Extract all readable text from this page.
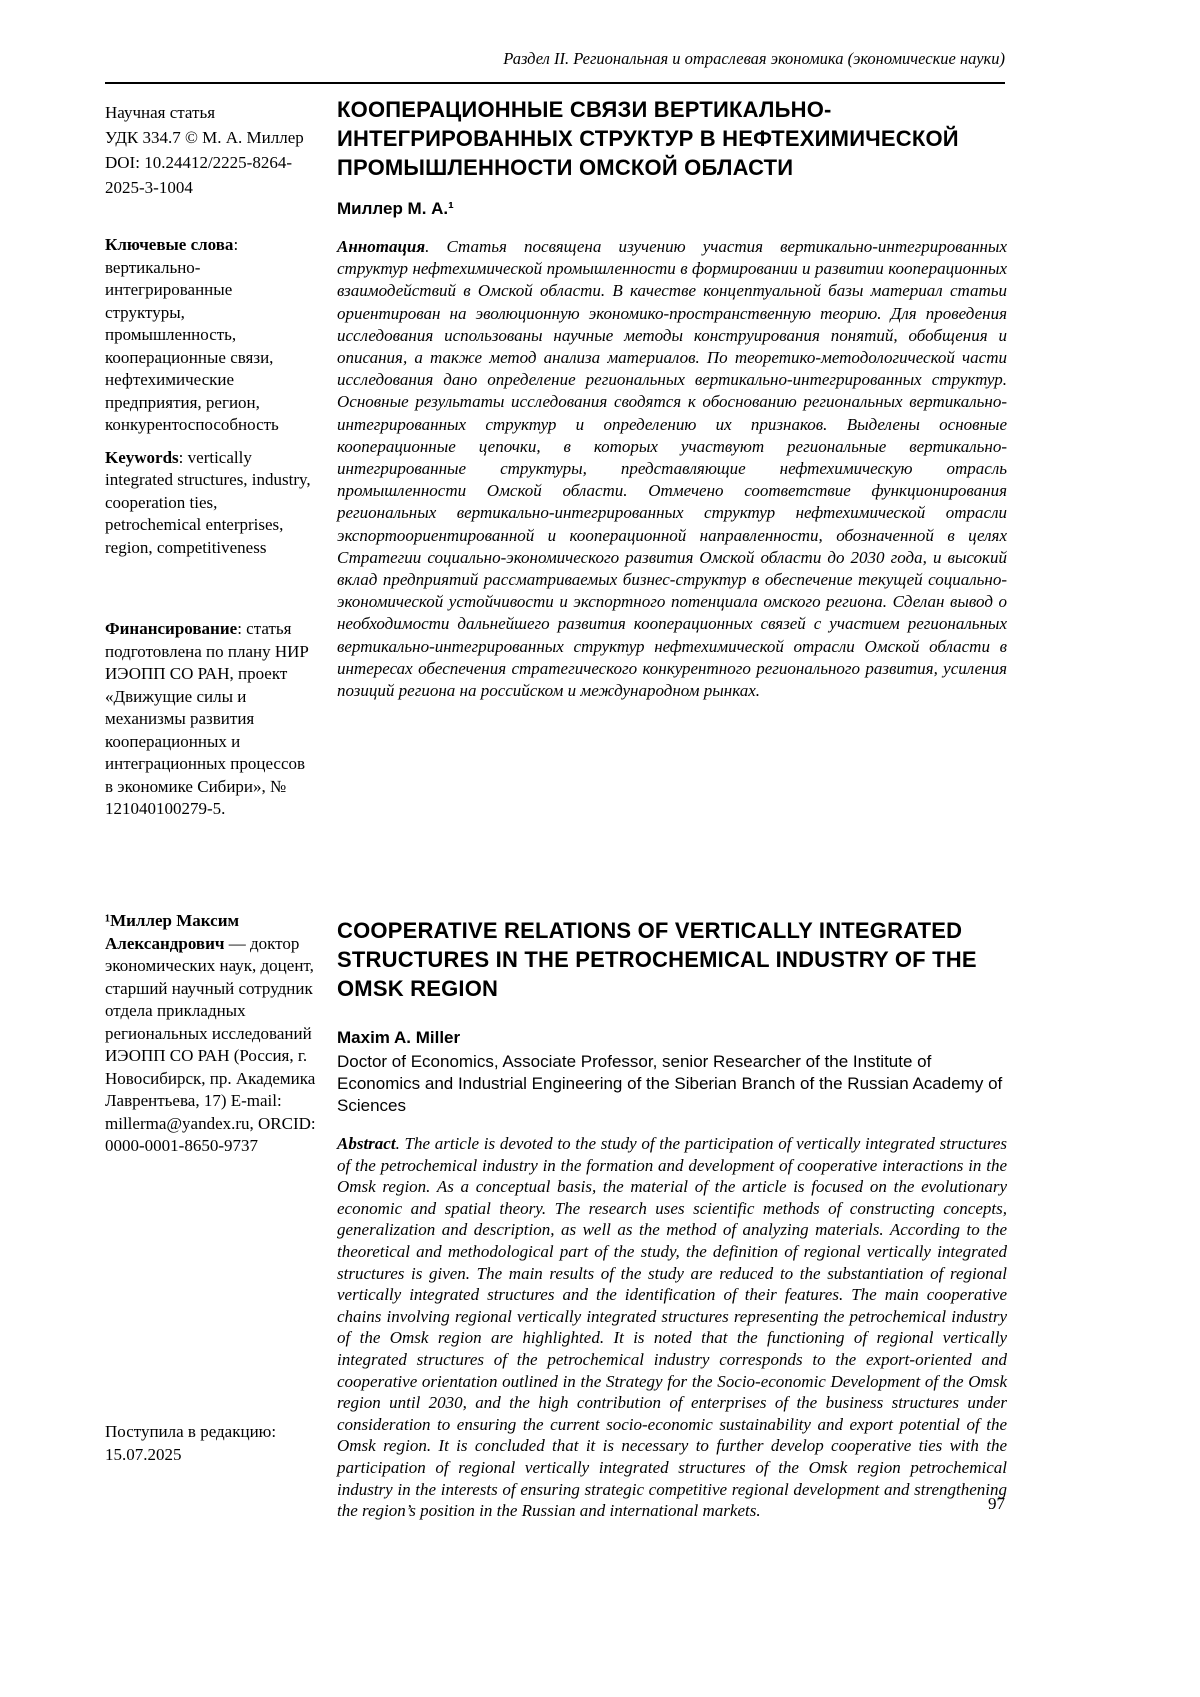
Раздел II. Региональная и отраслевая экономика (экономические науки)

Научная статья

УДК 334.7 © М. А. Миллер

DOI: 10.24412/2225-8264-2025-3-1004

Ключевые слова: вертикально-интегрированные структуры, промышленность, кооперационные связи, нефтехимические предприятия, регион, конкурентоспособность

Keywords: vertically integrated structures, industry, cooperation ties, petrochemical enterprises, region, competitiveness

Финансирование: статья подготовлена по плану НИР ИЭОПП СО РАН, проект «Движущие силы и механизмы развития кооперационных и интеграционных процессов в экономике Сибири», № 121040100279-5.

¹Миллер Максим Александрович — доктор экономических наук, доцент, старший научный сотрудник отдела прикладных региональных исследований ИЭОПП СО РАН (Россия, г. Новосибирск, пр. Академика Лаврентьева, 17) E-mail: millerma@yandex.ru, ORCID: 0000-0001-8650-9737

Поступила в редакцию:

15.07.2025

КООПЕРАЦИОННЫЕ СВЯЗИ ВЕРТИКАЛЬНО-ИНТЕГРИРОВАННЫХ СТРУКТУР В НЕФТЕХИМИЧЕСКОЙ ПРОМЫШЛЕННОСТИ ОМСКОЙ ОБЛАСТИ

Миллер М. А.¹

Аннотация. Статья посвящена изучению участия вертикально-интегрированных структур нефтехимической промышленности в формировании и развитии кооперационных взаимодействий в Омской области. В качестве концептуальной базы материал статьи ориентирован на эволюционную экономико-пространственную теорию. Для проведения исследования использованы научные методы конструирования понятий, обобщения и описания, а также метод анализа материалов. По теоретико-методологической части исследования дано определение региональных вертикально-интегрированных структур. Основные результаты исследования сводятся к обоснованию региональных вертикально-интегрированных структур и определению их признаков. Выделены основные кооперационные цепочки, в которых участвуют региональные вертикально-интегрированные структуры, представляющие нефтехимическую отрасль промышленности Омской области. Отмечено соответствие функционирования региональных вертикально-интегрированных структур нефтехимической отрасли экспортоориентированной и кооперационной направленности, обозначенной в целях Стратегии социально-экономического развития Омской области до 2030 года, и высокий вклад предприятий рассматриваемых бизнес-структур в обеспечение текущей социально-экономической устойчивости и экспортного потенциала омского региона. Сделан вывод о необходимости дальнейшего развития кооперационных связей с участием региональных вертикально-интегрированных структур нефтехимической отрасли Омской области в интересах обеспечения стратегического конкурентного регионального развития, усиления позиций региона на российском и международном рынках.

COOPERATIVE RELATIONS OF VERTICALLY INTEGRATED STRUCTURES IN THE PETROCHEMICAL INDUSTRY OF THE OMSK REGION

Maxim A. Miller

Doctor of Economics, Associate Professor, senior Researcher of the Institute of Economics and Industrial Engineering of the Siberian Branch of the Russian Academy of Sciences

Abstract. The article is devoted to the study of the participation of vertically integrated structures of the petrochemical industry in the formation and development of cooperative interactions in the Omsk region. As a conceptual basis, the material of the article is focused on the evolutionary economic and spatial theory. The research uses scientific methods of constructing concepts, generalization and description, as well as the method of analyzing materials. According to the theoretical and methodological part of the study, the definition of regional vertically integrated structures is given. The main results of the study are reduced to the substantiation of regional vertically integrated structures and the identification of their features. The main cooperative chains involving regional vertically integrated structures representing the petrochemical industry of the Omsk region are highlighted. It is noted that the functioning of regional vertically integrated structures of the petrochemical industry corresponds to the export-oriented and cooperative orientation outlined in the Strategy for the Socio-economic Development of the Omsk region until 2030, and the high contribution of enterprises of the business structures under consideration to ensuring the current socio-economic sustainability and export potential of the Omsk region. It is concluded that it is necessary to further develop cooperative ties with the participation of regional vertically integrated structures of the Omsk region petrochemical industry in the interests of ensuring strategic competitive regional development and strengthening the region’s position in the Russian and international markets.	97
